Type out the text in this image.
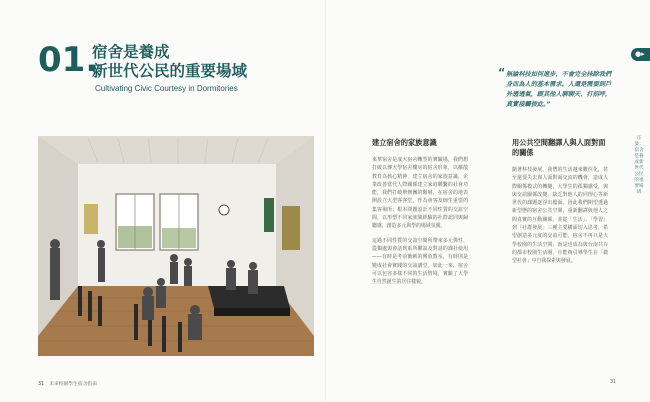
01.
宿舍是養成
新世代公民的重要場域
Cultivating Civic Courtesy in Dormitories
“ 無論科技如何進步，不會完全抹除我們身而為人的基本需求。人還是需要到戶外透透氣，跟其他人聊聊天、打招呼，真實接觸彼此。”
●▸
汪曼：宿舍是養成新世代公民的重要場域
建立宿舍的家族意識

來華宿舍是成大宿舍轉型的實驗場，我們想打破以傳大學宿舍樓房的宿舍形象，以擴散教育為核心精神，建立宿舍的家族意識，企業改善當代人際關係建立家庭聯繫的社會功能，我們打破舉辦團的階層，在宿舍的地表開設立大型客客堂，作為會客及師生重要的集客場所；根本問題設計不同性質的交誼空間，以形塑不同家族間經驗的社群認同與歸屬感，創造多元與學的場域氛圍。

這過不同性質的交誼空間所帶來多元彈性，從獨處與會話到系所聯誼及對話的課社使用——有時是考前衝刺的開放教室，有時則是變成社會實踐的交誼講堂。如此一來，宿舍可以包容多樣不同的生活情境，實驗了大學生自然誕生的居住樣貌。

用公共空間翻譯人與人面對面的關係

隨著科技發展，我們的生活越來數位化，甚至還要失去與人面對面交流的機會，造成人際關係模式的轉變，大學生的孤獨感受，與與交誼關係改變，缺乏對他人的同理心等新世代的課題逐浮出檯面。因此我們期望透過新型態的宿舍公共空間，重新翻譯與他人之間真實的互動關係，並從「生活」、「學習」到「社群發展」三種主要構面切入思考，希望創造多元度的交流可能，宿舍不再只是大學校園的生活空間，而是也成為與台南共存的都市校園生活圈，且能夠引導學生在「微型社會」中自我探索與發展。

31 未來校園學生宿舍指南	31
